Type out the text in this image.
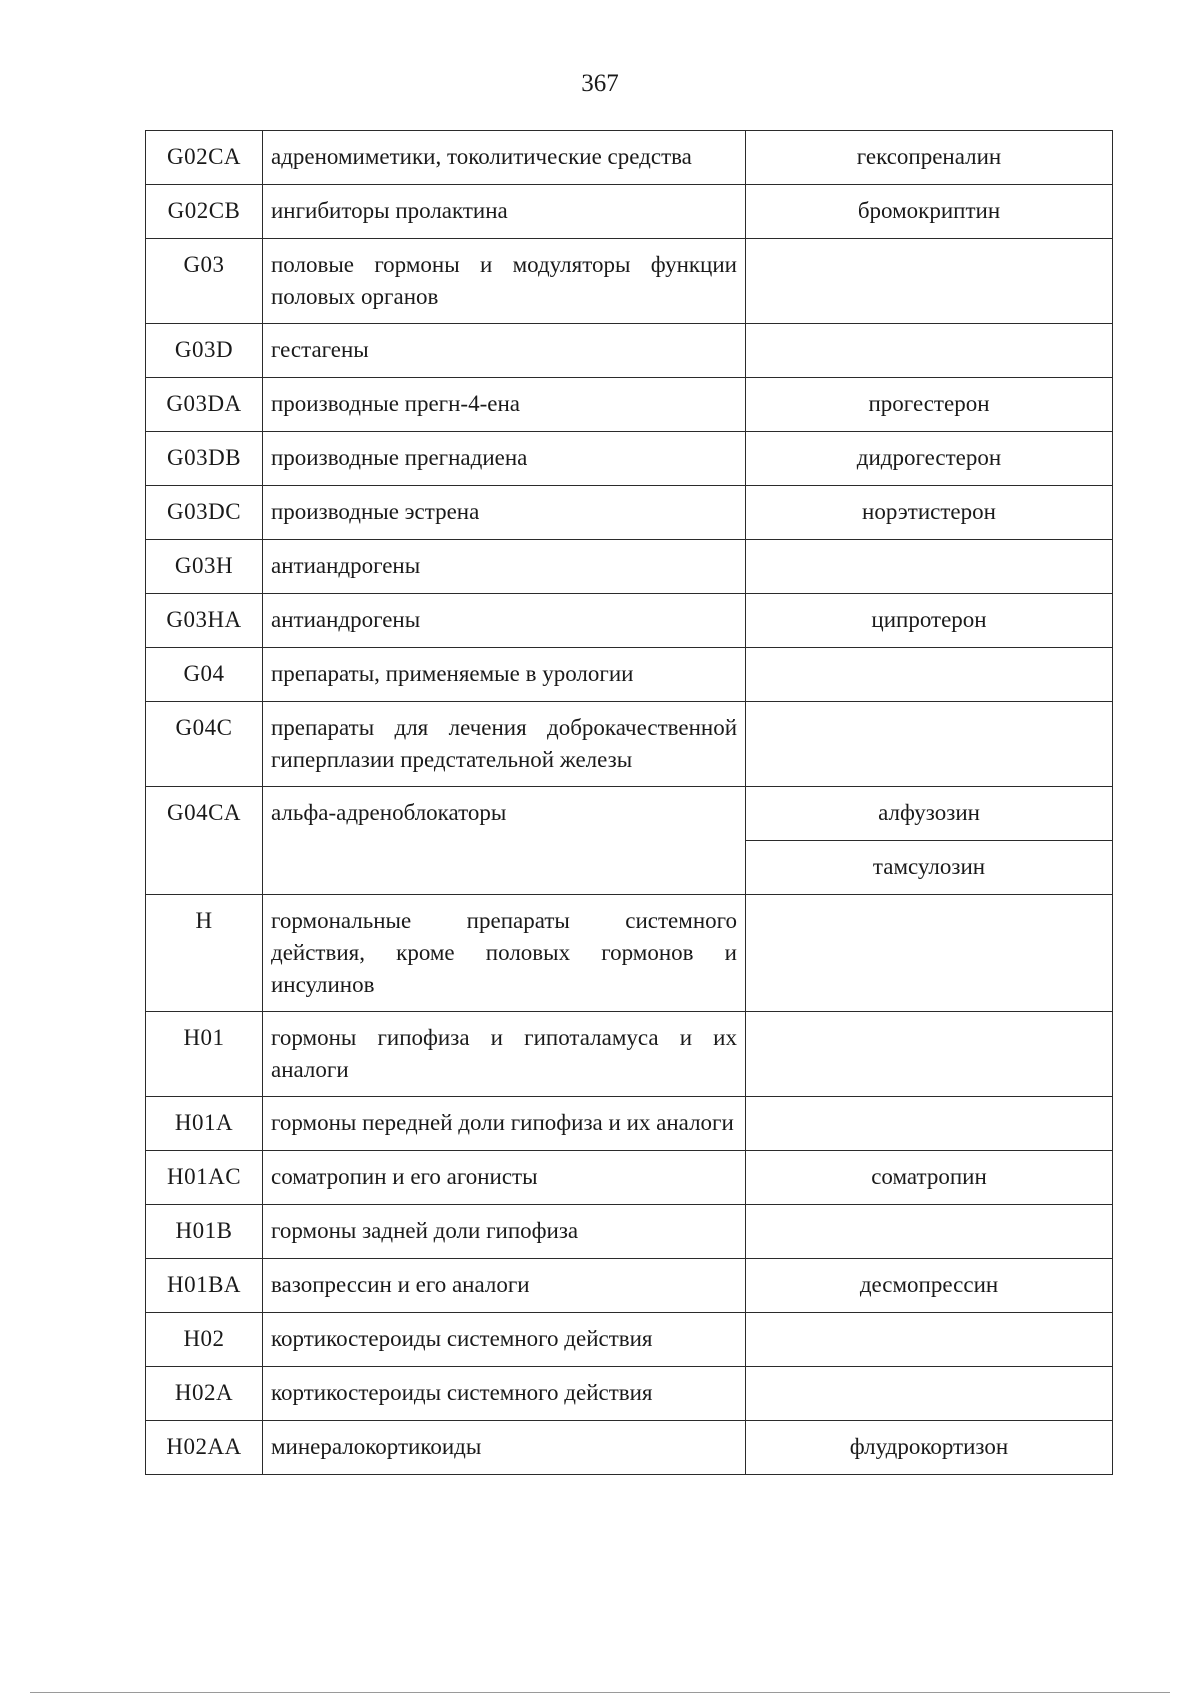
367
G02CA	адреномиметики, токолитические средства	гексопреналин
G02CB	ингибиторы пролактина	бромокриптин
G03	половые гормоны и модуляторы функции половых органов	
G03D	гестагены	
G03DA	производные прегн-4-ена	прогестерон
G03DB	производные прегнадиена	дидрогестерон
G03DC	производные эстрена	норэтистерон
G03H	антиандрогены	
G03HA	антиандрогены	ципротерон
G04	препараты, применяемые в урологии	
G04C	препараты для лечения доброкачественной гиперплазии предстательной железы	
G04CA	альфа-адреноблокаторы	алфузозин
		тамсулозин
H	гормональные препараты системного действия, кроме половых гормонов и инсулинов	
H01	гормоны гипофиза и гипоталамуса и их аналоги	
H01A	гормоны передней доли гипофиза и их аналоги	
H01AC	соматропин и его агонисты	соматропин
H01B	гормоны задней доли гипофиза	
H01BA	вазопрессин и его аналоги	десмопрессин
H02	кортикостероиды системного действия	
H02A	кортикостероиды системного действия	
H02AA	минералокортикоиды	флудрокортизон
